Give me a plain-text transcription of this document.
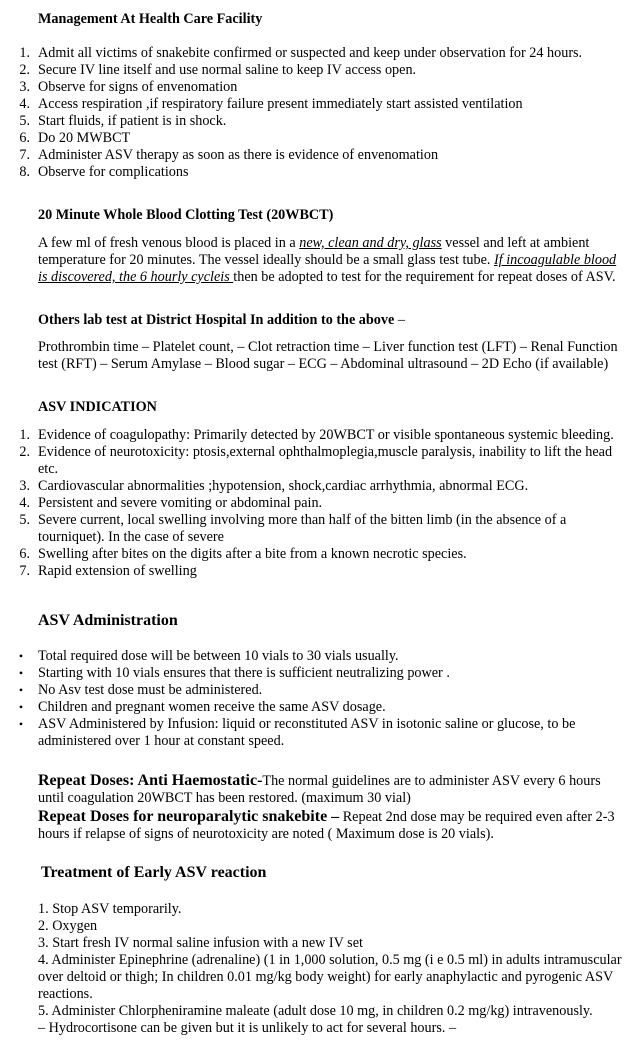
Management At Health Care Facility
1. Admit all victims of snakebite confirmed or suspected and keep under observation for 24 hours.
2. Secure IV line itself and use normal saline to keep IV access open.
3. Observe for signs of envenomation
4. Access respiration ,if respiratory failure present immediately start assisted ventilation
5. Start fluids, if patient is in shock.
6. Do 20 MWBCT
7. Administer ASV therapy as soon as there is evidence of envenomation
8. Observe for complications
20 Minute Whole Blood Clotting Test (20WBCT)

A few ml of fresh venous blood is placed in a new, clean and dry, glass vessel and left at ambient temperature for 20 minutes. The vessel ideally should be a small glass test tube. If incoagulable blood is discovered, the 6 hourly cycleis then be adopted to test for the requirement for repeat doses of ASV.

Others lab test at District Hospital In addition to the above –

Prothrombin time – Platelet count, – Clot retraction time – Liver function test (LFT) – Renal Function test (RFT) – Serum Amylase – Blood sugar – ECG – Abdominal ultrasound – 2D Echo (if available)

ASV INDICATION
1. Evidence of coagulopathy: Primarily detected by 20WBCT or visible spontaneous systemic bleeding.
2. Evidence of neurotoxicity: ptosis,external ophthalmoplegia,muscle paralysis, inability to lift the head etc.
3. Cardiovascular abnormalities ;hypotension, shock,cardiac arrhythmia, abnormal ECG.
4. Persistent and severe vomiting or abdominal pain.
5. Severe current, local swelling involving more than half of the bitten limb (in the absence of a tourniquet). In the case of severe
6. Swelling after bites on the digits after a bite from a known necrotic species.
7. Rapid extension of swelling
ASV Administration
• Total required dose will be between 10 vials to 30 vials usually.
• Starting with 10 vials ensures that there is sufficient neutralizing power .
• No Asv test dose must be administered.
• Children and pregnant women receive the same ASV dosage.
• ASV Administered by Infusion: liquid or reconstituted ASV in isotonic saline or glucose, to be administered over 1 hour at constant speed.

Repeat Doses: Anti Haemostatic-The normal guidelines are to administer ASV every 6 hours until coagulation 20WBCT has been restored. (maximum 30 vial)

Repeat Doses for neuroparalytic snakebite – Repeat 2nd dose may be required even after 2-3 hours if relapse of signs of neurotoxicity are noted ( Maximum dose is 20 vials).

Treatment of Early ASV reaction
1. Stop ASV temporarily.
2. Oxygen
3. Start fresh IV normal saline infusion with a new IV set
4. Administer Epinephrine (adrenaline) (1 in 1,000 solution, 0.5 mg (i e 0.5 ml) in adults intramuscular over deltoid or thigh; In children 0.01 mg/kg body weight) for early anaphylactic and pyrogenic ASV reactions.
5. Administer Chlorpheniramine maleate (adult dose 10 mg, in children 0.2 mg/kg) intravenously.
– Hydrocortisone can be given but it is unlikely to act for several hours. –
